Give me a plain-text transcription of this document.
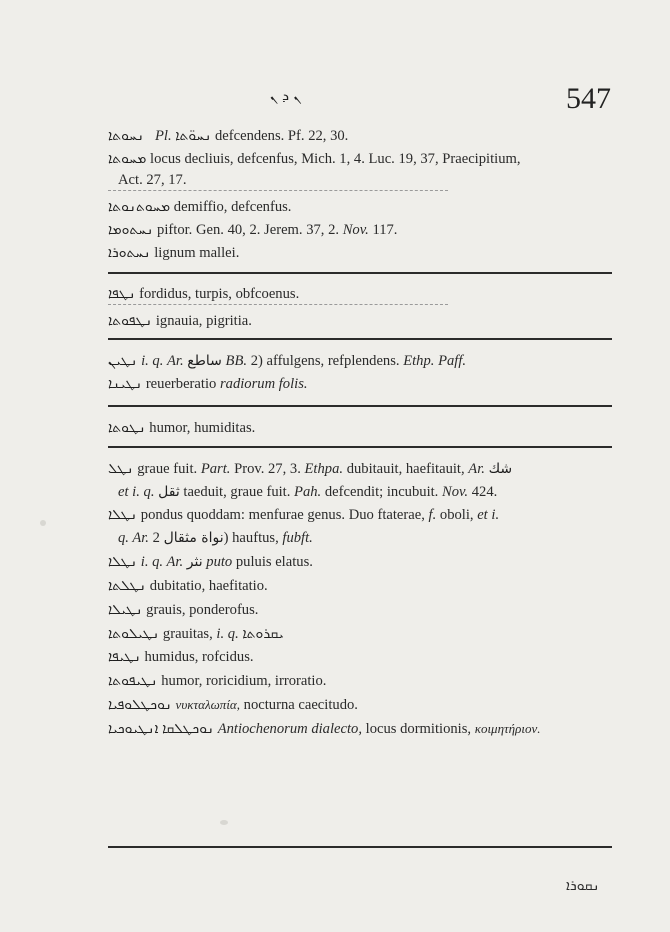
ܢ ܕ ܢ	547
ܢܚܘܬܐ Pl. ܢܚܘ̈ܬܐ defcendens. Pf. 22, 30.
ܡܚܘܬܐ locus decliuis, defcenfus, Mich. 1, 4. Luc. 19, 37, Praecipitium,
Act. 27, 17.
ܡܚܘܬܢܘܬܐ demiffio, defcenfus.
ܢܚܬܘܡܐ piftor. Gen. 40, 2. Jerem. 37, 2. Nov. 117.
ܢܚܬܘܪܐ lignum mallei.
ܢܛܦܐ fordidus, turpis, obfcoenus.
ܢܛܦܘܬܐ ignauia, pigritia.
ܢܛܝܢ i. q. Ar. ساطع BB. 2) affulgens, refplendens. Ethp. Paff.
ܢܛܝܢܐ reuerberatio radiorum folis.
ܢܛܘܬܐ humor, humiditas.
ܢܛܠ graue fuit. Part. Prov. 27, 3. Ethpa. dubitauit, haefitauit, Ar. شك
et i. q. ثقل taeduit, graue fuit. Pah. defcendit; incubuit. Nov. 424.
ܢܛܠܐ pondus quoddam: menfurae genus. Duo ftaterae, f. oboli, et i.
q. Ar. نواة مثقال 2) hauftus, fubft.
ܢܛܠܐ i. q. Ar. نثر puto puluis elatus.
ܢܛܠܬܐ dubitatio, haefitatio.
ܢܛܝܠܐ grauis, ponderofus.
ܢܛܝܠܘܬܐ grauitas, i. q. ܝܩܪܘܬܐ
ܢܛܝܦܐ humidus, rofcidus.
ܢܛܝܦܘܬܐ humor, roricidium, irroratio.
ܢܘܟܛܠܘܦܝܐ νυκταλωπία, nocturna caecitudo.
ܢܘܟܛܠܩܐ ܐܢܛܝܘܟܝܐ	Antiochenorum dialecto, locus dormitionis, κοιμητήριον.
ܢܩܘܪܐ
